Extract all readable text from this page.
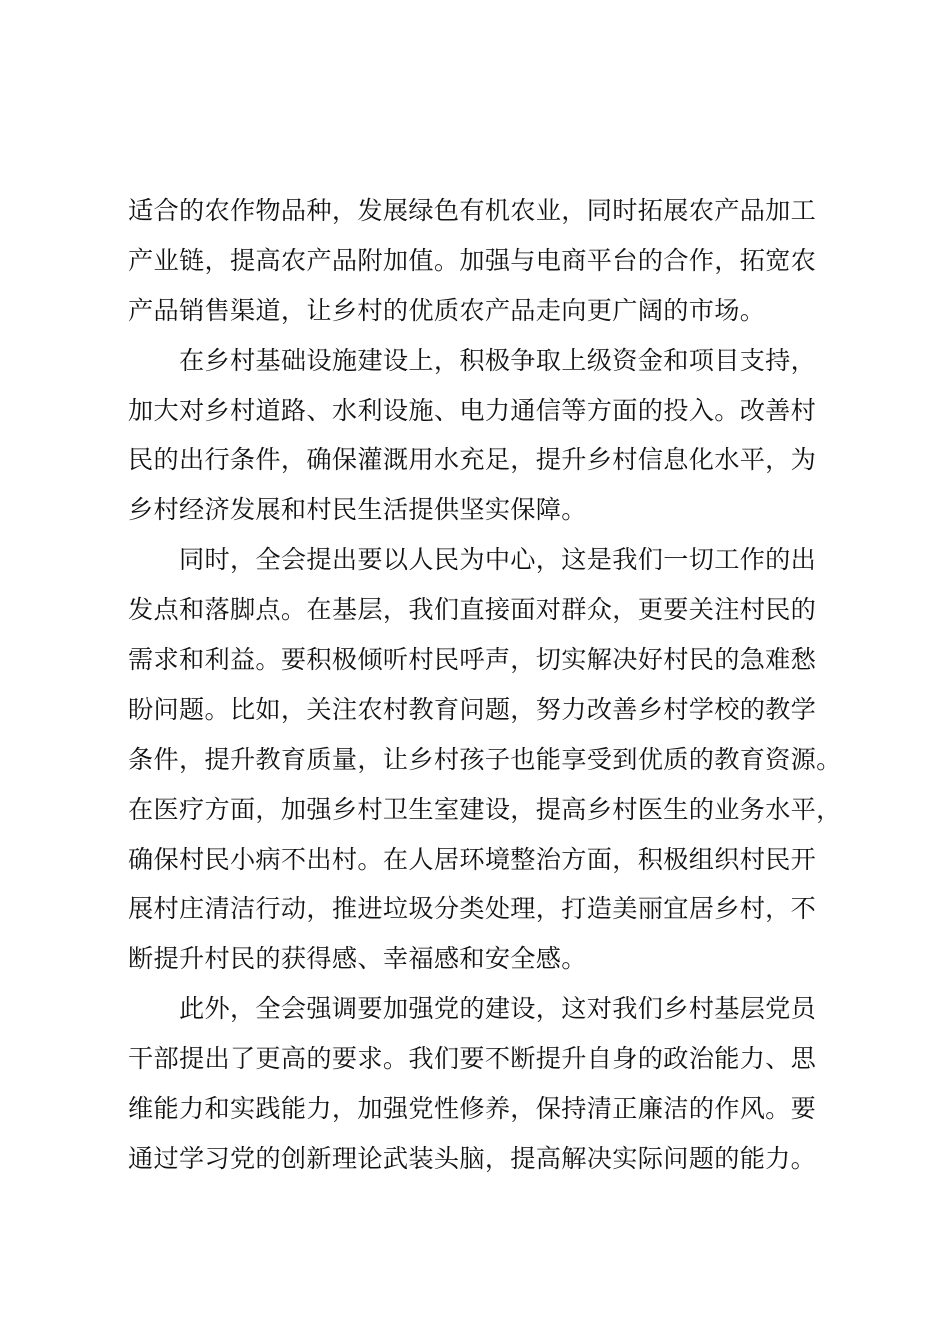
适合的农作物品种，发展绿色有机农业，同时拓展农产品加工
产业链，提高农产品附加值。加强与电商平台的合作，拓宽农
产品销售渠道，让乡村的优质农产品走向更广阔的市场。
　　在乡村基础设施建设上，积极争取上级资金和项目支持，
加大对乡村道路、水利设施、电力通信等方面的投入。改善村
民的出行条件，确保灌溉用水充足，提升乡村信息化水平，为
乡村经济发展和村民生活提供坚实保障。
　　同时，全会提出要以人民为中心，这是我们一切工作的出
发点和落脚点。在基层，我们直接面对群众，更要关注村民的
需求和利益。要积极倾听村民呼声，切实解决好村民的急难愁
盼问题。比如，关注农村教育问题，努力改善乡村学校的教学
条件，提升教育质量，让乡村孩子也能享受到优质的教育资源。
在医疗方面，加强乡村卫生室建设，提高乡村医生的业务水平，
确保村民小病不出村。在人居环境整治方面，积极组织村民开
展村庄清洁行动，推进垃圾分类处理，打造美丽宜居乡村，不
断提升村民的获得感、幸福感和安全感。
　　此外，全会强调要加强党的建设，这对我们乡村基层党员
干部提出了更高的要求。我们要不断提升自身的政治能力、思
维能力和实践能力，加强党性修养，保持清正廉洁的作风。要
通过学习党的创新理论武装头脑，提高解决实际问题的能力。
